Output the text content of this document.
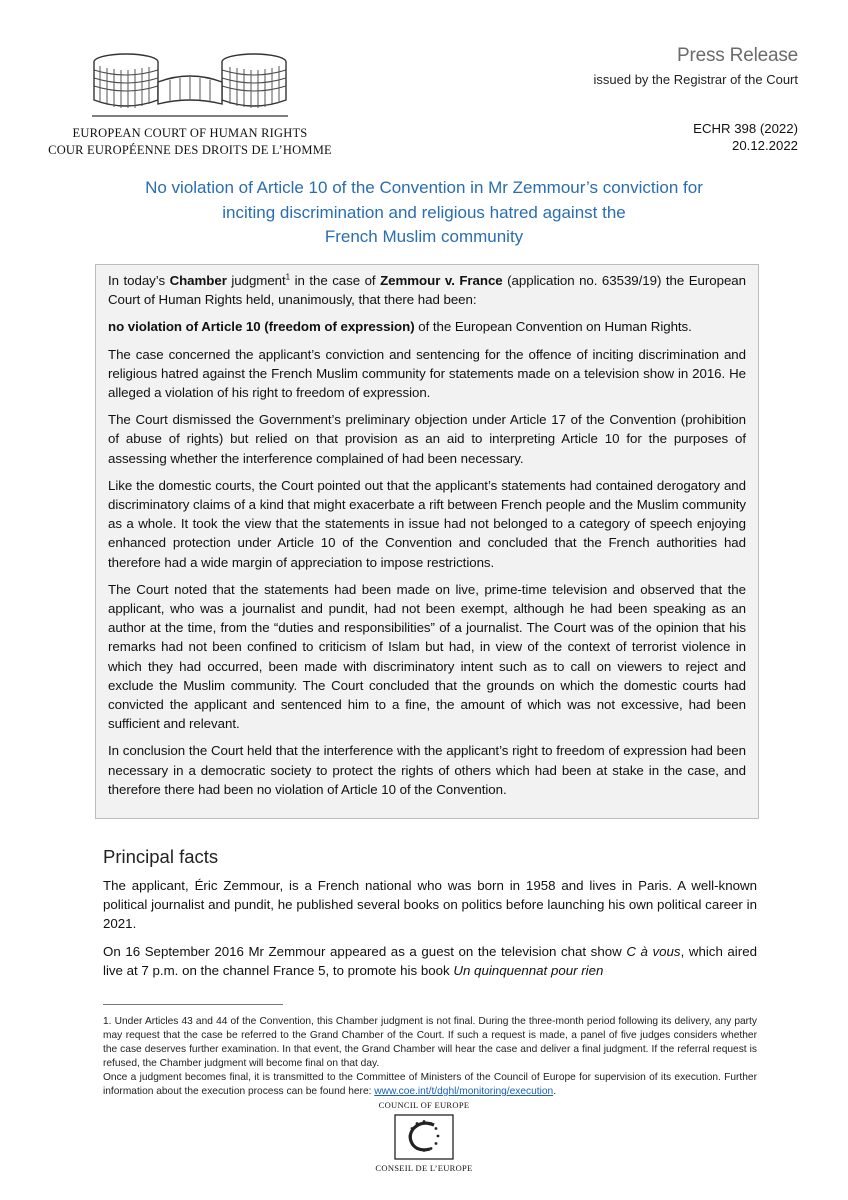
EUROPEAN COURT OF HUMAN RIGHTS
COUR EUROPÉENNE DES DROITS DE L’HOMME
Press Release
issued by the Registrar of the Court
ECHR 398 (2022)
20.12.2022
No violation of Article 10 of the Convention in Mr Zemmour’s conviction for
inciting discrimination and religious hatred against the
French Muslim community

In today’s Chamber judgment$^1$ in the case of Zemmour v. France (application no. 63539/19) the European Court of Human Rights held, unanimously, that there had been:

no violation of Article 10 (freedom of expression) of the European Convention on Human Rights.

The case concerned the applicant’s conviction and sentencing for the offence of inciting discrimination and religious hatred against the French Muslim community for statements made on a television show in 2016. He alleged a violation of his right to freedom of expression.

The Court dismissed the Government’s preliminary objection under Article 17 of the Convention (prohibition of abuse of rights) but relied on that provision as an aid to interpreting Article 10 for the purposes of assessing whether the interference complained of had been necessary.

Like the domestic courts, the Court pointed out that the applicant’s statements had contained derogatory and discriminatory claims of a kind that might exacerbate a rift between French people and the Muslim community as a whole. It took the view that the statements in issue had not belonged to a category of speech enjoying enhanced protection under Article 10 of the Convention and concluded that the French authorities had therefore had a wide margin of appreciation to impose restrictions.

The Court noted that the statements had been made on live, prime-time television and observed that the applicant, who was a journalist and pundit, had not been exempt, although he had been speaking as an author at the time, from the “duties and responsibilities” of a journalist. The Court was of the opinion that his remarks had not been confined to criticism of Islam but had, in view of the context of terrorist violence in which they had occurred, been made with discriminatory intent such as to call on viewers to reject and exclude the Muslim community. The Court concluded that the grounds on which the domestic courts had convicted the applicant and sentenced him to a fine, the amount of which was not excessive, had been sufficient and relevant.

In conclusion the Court held that the interference with the applicant’s right to freedom of expression had been necessary in a democratic society to protect the rights of others which had been at stake in the case, and therefore there had been no violation of Article 10 of the Convention.

Principal facts

The applicant, Éric Zemmour, is a French national who was born in 1958 and lives in Paris. A well-known political journalist and pundit, he published several books on politics before launching his own political career in 2021.

On 16 September 2016 Mr Zemmour appeared as a guest on the television chat show C à vous, which aired live at 7 p.m. on the channel France 5, to promote his book Un quinquennat pour rien

1. Under Articles 43 and 44 of the Convention, this Chamber judgment is not final. During the three-month period following its delivery, any party may request that the case be referred to the Grand Chamber of the Court. If such a request is made, a panel of five judges considers whether the case deserves further examination. In that event, the Grand Chamber will hear the case and deliver a final judgment. If the referral request is refused, the Chamber judgment will become final on that day.

Once a judgment becomes final, it is transmitted to the Committee of Ministers of the Council of Europe for supervision of its execution. Further information about the execution process can be found here: www.coe.int/t/dghl/monitoring/execution.

COUNCIL OF EUROPE
CONSEIL DE L’EUROPE
